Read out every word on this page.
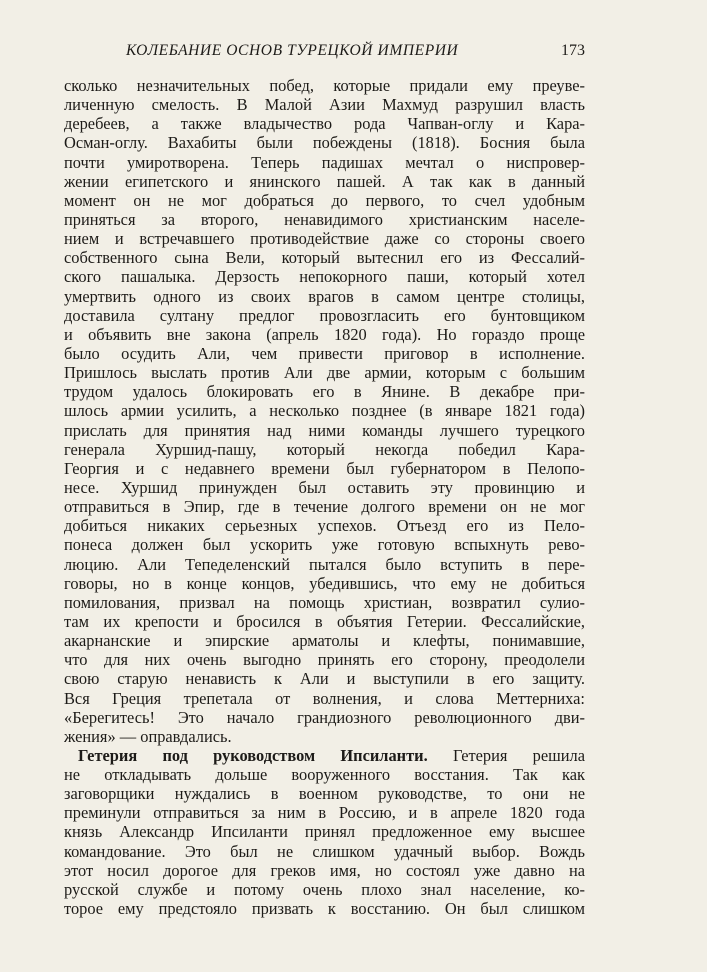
КОЛЕБАНИЕ ОСНОВ ТУРЕЦКОЙ ИМПЕРИИ	173
сколько незначительных побед, которые придали ему преуве-
личенную смелость. В Малой Азии Махмуд разрушил власть
деребеев, а также владычество рода Чапван-оглу и Кара-
Осман-оглу. Вахабиты были побеждены (1818). Босния была
почти умиротворена. Теперь падишах мечтал о ниспровер-
жении египетского и янинского пашей. А так как в данный
момент он не мог добраться до первого, то счел удобным
приняться за второго, ненавидимого христианским населе-
нием и встречавшего противодействие даже со стороны своего
собственного сына Вели, который вытеснил его из Фессалий-
ского пашалыка. Дерзость непокорного паши, который хотел
умертвить одного из своих врагов в самом центре столицы,
доставила султану предлог провозгласить его бунтовщиком
и объявить вне закона (апрель 1820 года). Но гораздо проще
было осудить Али, чем привести приговор в исполнение.
Пришлось выслать против Али две армии, которым с большим
трудом удалось блокировать его в Янине. В декабре при-
шлось армии усилить, а несколько позднее (в январе 1821 года)
прислать для принятия над ними команды лучшего турецкого
генерала Хуршид-пашу, который некогда победил Кара-
Георгия и с недавнего времени был губернатором в Пелопо-
несе. Хуршид принужден был оставить эту провинцию и
отправиться в Эпир, где в течение долгого времени он не мог
добиться никаких серьезных успехов. Отъезд его из Пело-
понеса должен был ускорить уже готовую вспыхнуть рево-
люцию. Али Тепеделенский пытался было вступить в пере-
говоры, но в конце концов, убедившись, что ему не добиться
помилования, призвал на помощь христиан, возвратил сулио-
там их крепости и бросился в объятия Гетерии. Фессалийские,
акарнанские и эпирские арматолы и клефты, понимавшие,
что для них очень выгодно принять его сторону, преодолели
свою старую ненависть к Али и выступили в его защиту.
Вся Греция трепетала от волнения, и слова Меттерниха:
«Берегитесь! Это начало грандиозного революционного дви-
жения» — оправдались.
Гетерия под руководством Ипсиланти. Гетерия решила
не откладывать дольше вооруженного восстания. Так как
заговорщики нуждались в военном руководстве, то они не
преминули отправиться за ним в Россию, и в апреле 1820 года
князь Александр Ипсиланти принял предложенное ему высшее
командование. Это был не слишком удачный выбор. Вождь
этот носил дорогое для греков имя, но состоял уже давно на
русской службе и потому очень плохо знал население, ко-
торое ему предстояло призвать к восстанию. Он был слишком
